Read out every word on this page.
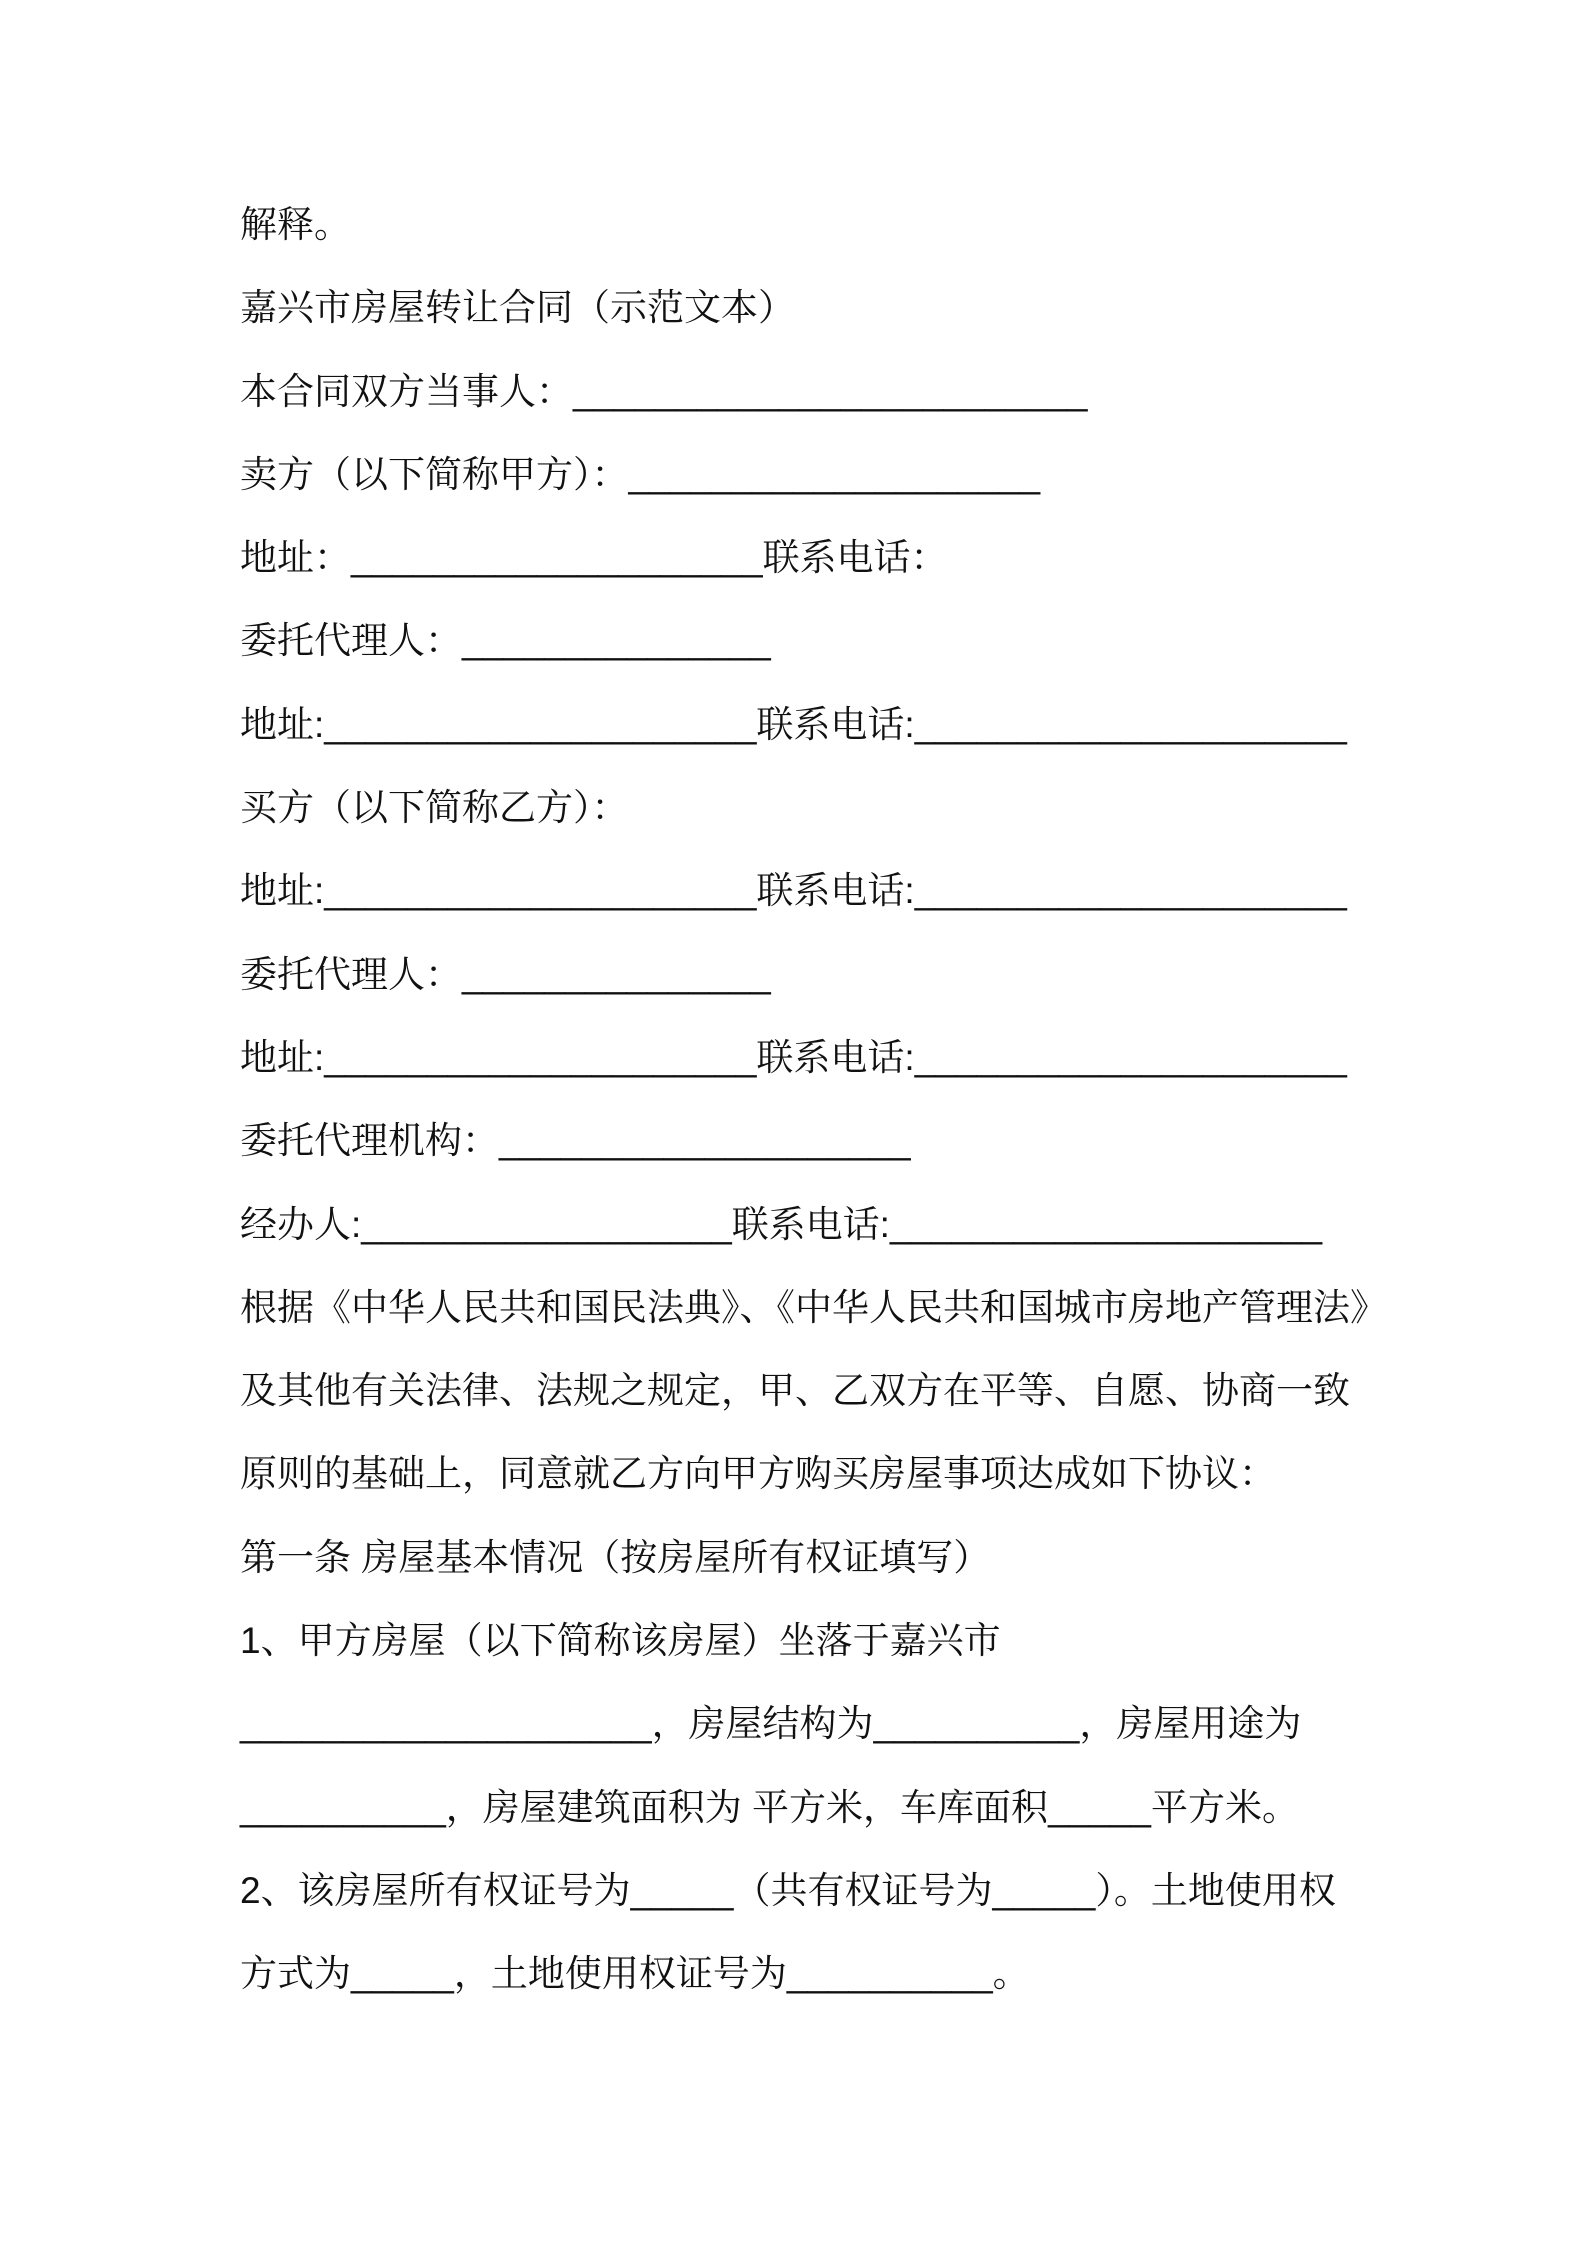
解释。
嘉兴市房屋转让合同（示范文本）
本合同双方当事人：_________________________
卖方（以下简称甲方）：____________________
地址：____________________联系电话：
委托代理人：_______________
地址:_____________________联系电话:_____________________
买方（以下简称乙方）：
地址:_____________________联系电话:_____________________
委托代理人：_______________
地址:_____________________联系电话:_____________________
委托代理机构：____________________
经办人:__________________联系电话:_____________________
根据《中华人民共和国民法典》、《中华人民共和国城市房地产管理法》
及其他有关法律、法规之规定，甲、乙双方在平等、自愿、协商一致
原则的基础上，同意就乙方向甲方购买房屋事项达成如下协议：
第一条 房屋基本情况（按房屋所有权证填写）
1、甲方房屋（以下简称该房屋）坐落于嘉兴市
____________________，房屋结构为__________，房屋用途为
__________，房屋建筑面积为 平方米，车库面积_____平方米。
2、该房屋所有权证号为_____（共有权证号为_____）。土地使用权
方式为_____，土地使用权证号为__________。
